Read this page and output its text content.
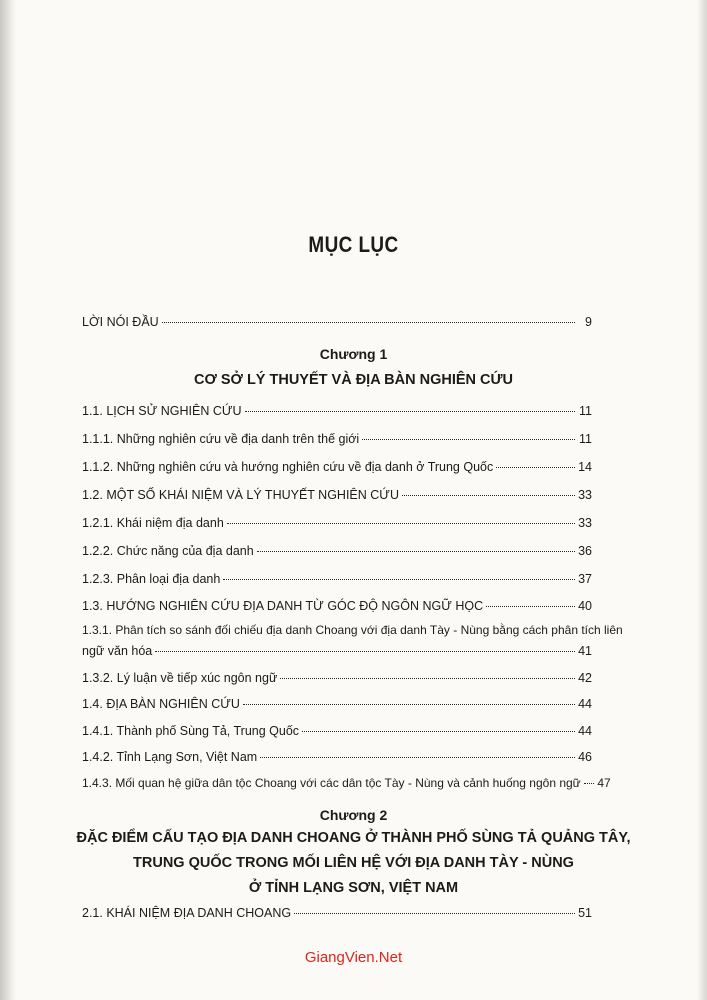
MỤC LỤC
LỜI NÓI ĐẦU	9
Chương 1
CƠ SỞ LÝ THUYẾT VÀ ĐỊA BÀN NGHIÊN CỨU
1.1. LỊCH SỬ NGHIÊN CỨU	11
1.1.1. Những nghiên cứu về địa danh trên thế giới	11
1.1.2. Những nghiên cứu và hướng nghiên cứu về địa danh ở Trung Quốc	14
1.2. MỘT SỐ KHÁI NIỆM VÀ LÝ THUYẾT NGHIÊN CỨU	33
1.2.1. Khái niệm địa danh	33
1.2.2. Chức năng của địa danh	36
1.2.3. Phân loại địa danh	37
1.3. HƯỚNG NGHIÊN CỨU ĐỊA DANH TỪ GÓC ĐỘ NGÔN NGỮ HỌC	40
1.3.1. Phân tích so sánh đối chiếu địa danh Choang với địa danh Tày - Nùng bằng cách phân tích liên
ngữ văn hóa	41
1.3.2. Lý luận về tiếp xúc ngôn ngữ	42
1.4. ĐỊA BÀN NGHIÊN CỨU	44
1.4.1. Thành phố Sùng Tả, Trung Quốc	44
1.4.2. Tỉnh Lạng Sơn, Việt Nam	46
1.4.3. Mối quan hệ giữa dân tộc Choang với các dân tộc Tày - Nùng và cảnh huống ngôn ngữ 47
Chương 2
ĐẶC ĐIỂM CẤU TẠO ĐỊA DANH CHOANG Ở THÀNH PHỐ SÙNG TẢ QUẢNG TÂY,
TRUNG QUỐC TRONG MỐI LIÊN HỆ VỚI ĐỊA DANH TÀY - NÙNG
Ở TỈNH LẠNG SƠN, VIỆT NAM
2.1. KHÁI NIỆM ĐỊA DANH CHOANG	51
GiangVien.Net
